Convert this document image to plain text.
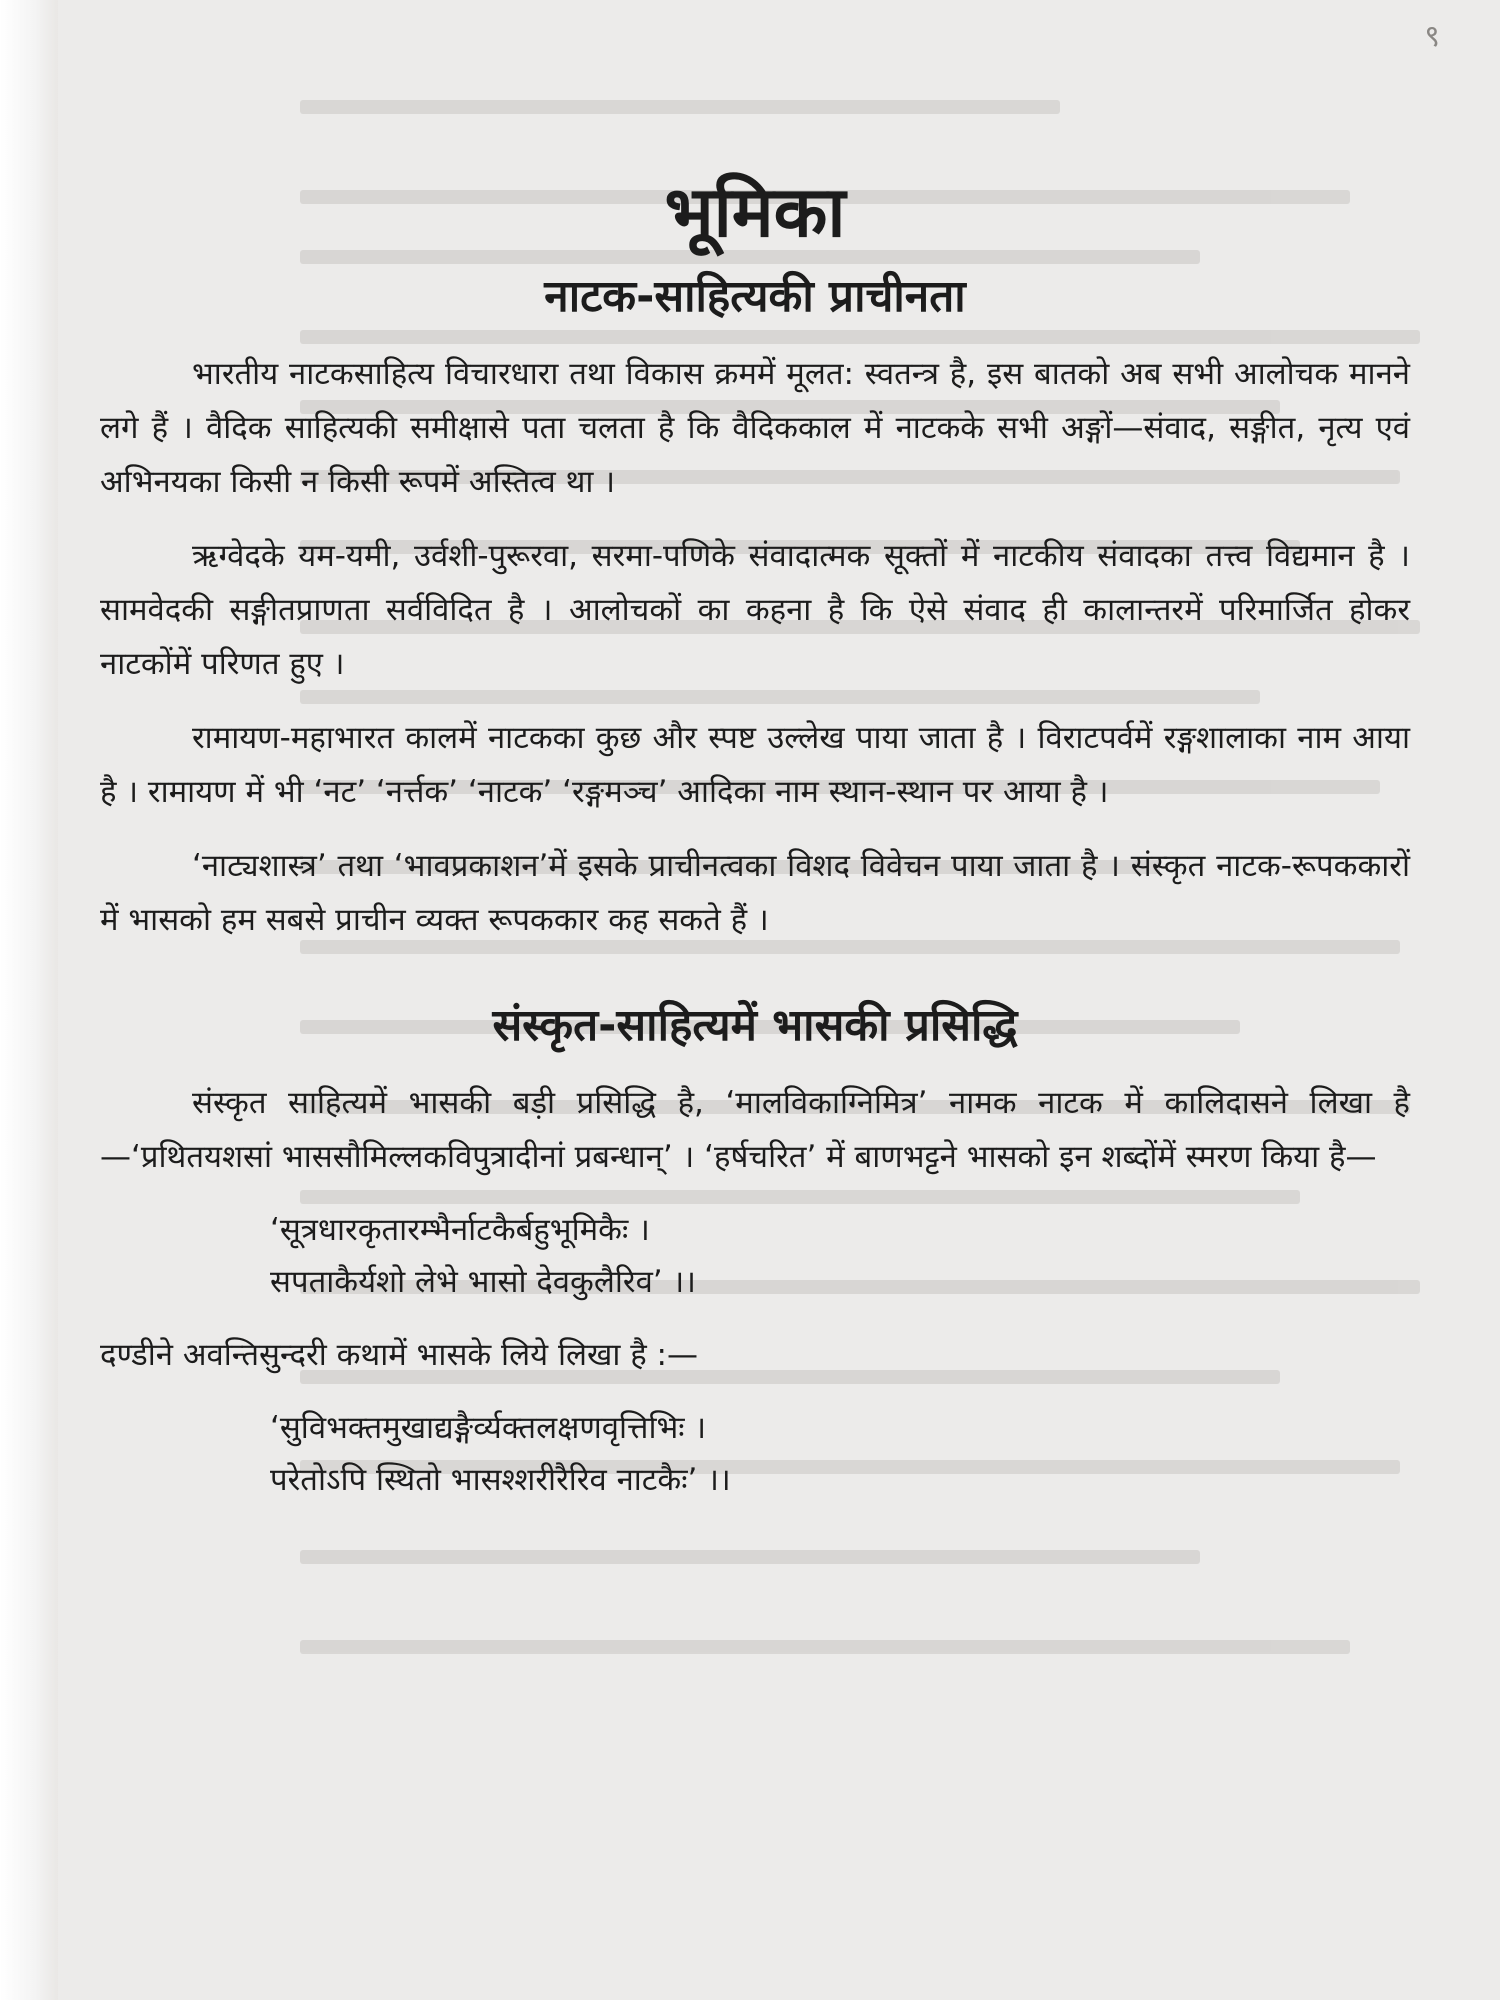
९
भूमिका
नाटक-साहित्यकी प्राचीनता

भारतीय नाटकसाहित्य विचारधारा तथा विकास क्रममें मूलत: स्वतन्त्र है, इस बातको अब सभी आलोचक मानने लगे हैं । वैदिक साहित्यकी समीक्षासे पता चलता है कि वैदिककाल में नाटकके सभी अङ्गों—संवाद, सङ्गीत, नृत्य एवं अभिनयका किसी न किसी रूपमें अस्तित्व था ।

ऋग्वेदके यम-यमी, उर्वशी-पुरूरवा, सरमा-पणिके संवादात्मक सूक्तों में नाटकीय संवादका तत्त्व विद्यमान है । सामवेदकी सङ्गीतप्राणता सर्वविदित है । आलोचकों का कहना है कि ऐसे संवाद ही कालान्तरमें परिमार्जित होकर नाटकोंमें परिणत हुए ।

रामायण-महाभारत कालमें नाटकका कुछ और स्पष्ट उल्लेख पाया जाता है । विराटपर्वमें रङ्गशालाका नाम आया है । रामायण में भी ‘नट’ ‘नर्त्तक’ ‘नाटक’ ‘रङ्गमञ्च’ आदिका नाम स्थान-स्थान पर आया है ।

‘नाट्यशास्त्र’ तथा ‘भावप्रकाशन’में इसके प्राचीनत्वका विशद विवेचन पाया जाता है । संस्कृत नाटक-रूपककारों में भासको हम सबसे प्राचीन व्यक्त रूपककार कह सकते हैं ।

संस्कृत-साहित्यमें भासकी प्रसिद्धि

संस्कृत साहित्यमें भासकी बड़ी प्रसिद्धि है, ‘मालविकाग्निमित्र’ नामक नाटक में कालिदासने लिखा है—‘प्रथितयशसां भाससौमिल्लकविपुत्रादीनां प्रबन्धान्’ । ‘हर्षचरित’ में बाणभट्टने भासको इन शब्दोंमें स्मरण किया है—

‘सूत्रधारकृतारम्भैर्नाटकैर्बहुभूमिकैः ।
सपताकैर्यशो लेभे भासो देवकुलैरिव’ ।।

दण्डीने अवन्तिसुन्दरी कथामें भासके लिये लिखा है :—

‘सुविभक्तमुखाद्यङ्गैर्व्यक्तलक्षणवृत्तिभिः ।
परेतोऽपि स्थितो भासश्शरीरैरिव नाटकैः’ ।।
